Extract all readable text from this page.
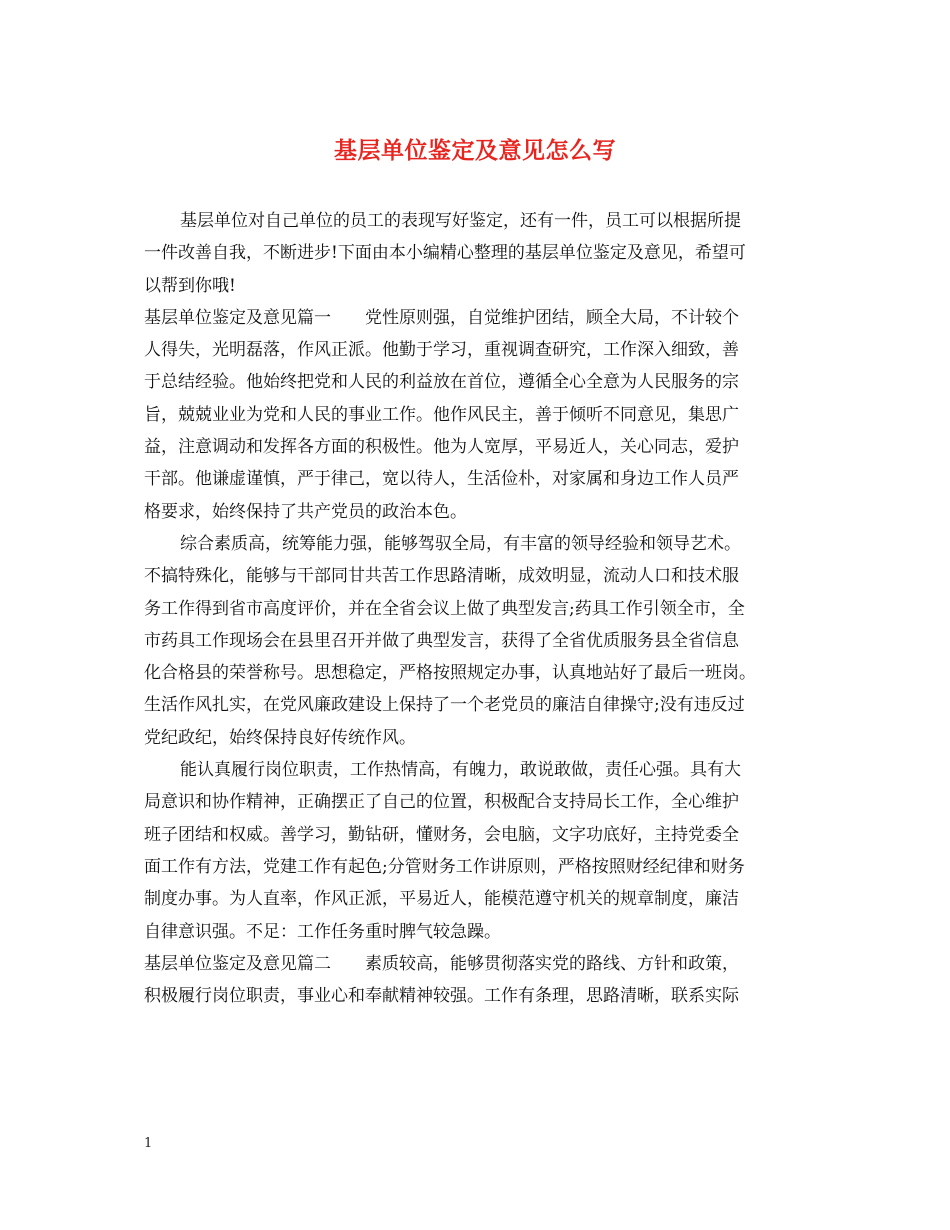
基层单位鉴定及意见怎么写
基层单位对自己单位的员工的表现写好鉴定，还有一件，员工可以根据所提
一件改善自我，不断进步!下面由本小编精心整理的基层单位鉴定及意见，希望可
以帮到你哦!
基层单位鉴定及意见篇一　　党性原则强，自觉维护团结，顾全大局，不计较个
人得失，光明磊落，作风正派。他勤于学习，重视调查研究，工作深入细致，善
于总结经验。他始终把党和人民的利益放在首位，遵循全心全意为人民服务的宗
旨，兢兢业业为党和人民的事业工作。他作风民主，善于倾听不同意见，集思广
益，注意调动和发挥各方面的积极性。他为人宽厚，平易近人，关心同志，爱护
干部。他谦虚谨慎，严于律己，宽以待人，生活俭朴，对家属和身边工作人员严
格要求，始终保持了共产党员的政治本色。
综合素质高，统筹能力强，能够驾驭全局，有丰富的领导经验和领导艺术。
不搞特殊化，能够与干部同甘共苦工作思路清晰，成效明显，流动人口和技术服
务工作得到省市高度评价，并在全省会议上做了典型发言;药具工作引领全市，全
市药具工作现场会在县里召开并做了典型发言，获得了全省优质服务县全省信息
化合格县的荣誉称号。思想稳定，严格按照规定办事，认真地站好了最后一班岗。
生活作风扎实，在党风廉政建设上保持了一个老党员的廉洁自律操守;没有违反过
党纪政纪，始终保持良好传统作风。
能认真履行岗位职责，工作热情高，有魄力，敢说敢做，责任心强。具有大
局意识和协作精神，正确摆正了自己的位置，积极配合支持局长工作，全心维护
班子团结和权威。善学习，勤钻研，懂财务，会电脑，文字功底好，主持党委全
面工作有方法，党建工作有起色;分管财务工作讲原则，严格按照财经纪律和财务
制度办事。为人直率，作风正派，平易近人，能模范遵守机关的规章制度，廉洁
自律意识强。不足：工作任务重时脾气较急躁。
基层单位鉴定及意见篇二　　素质较高，能够贯彻落实党的路线、方针和政策，
积极履行岗位职责，事业心和奉献精神较强。工作有条理，思路清晰，联系实际
1
